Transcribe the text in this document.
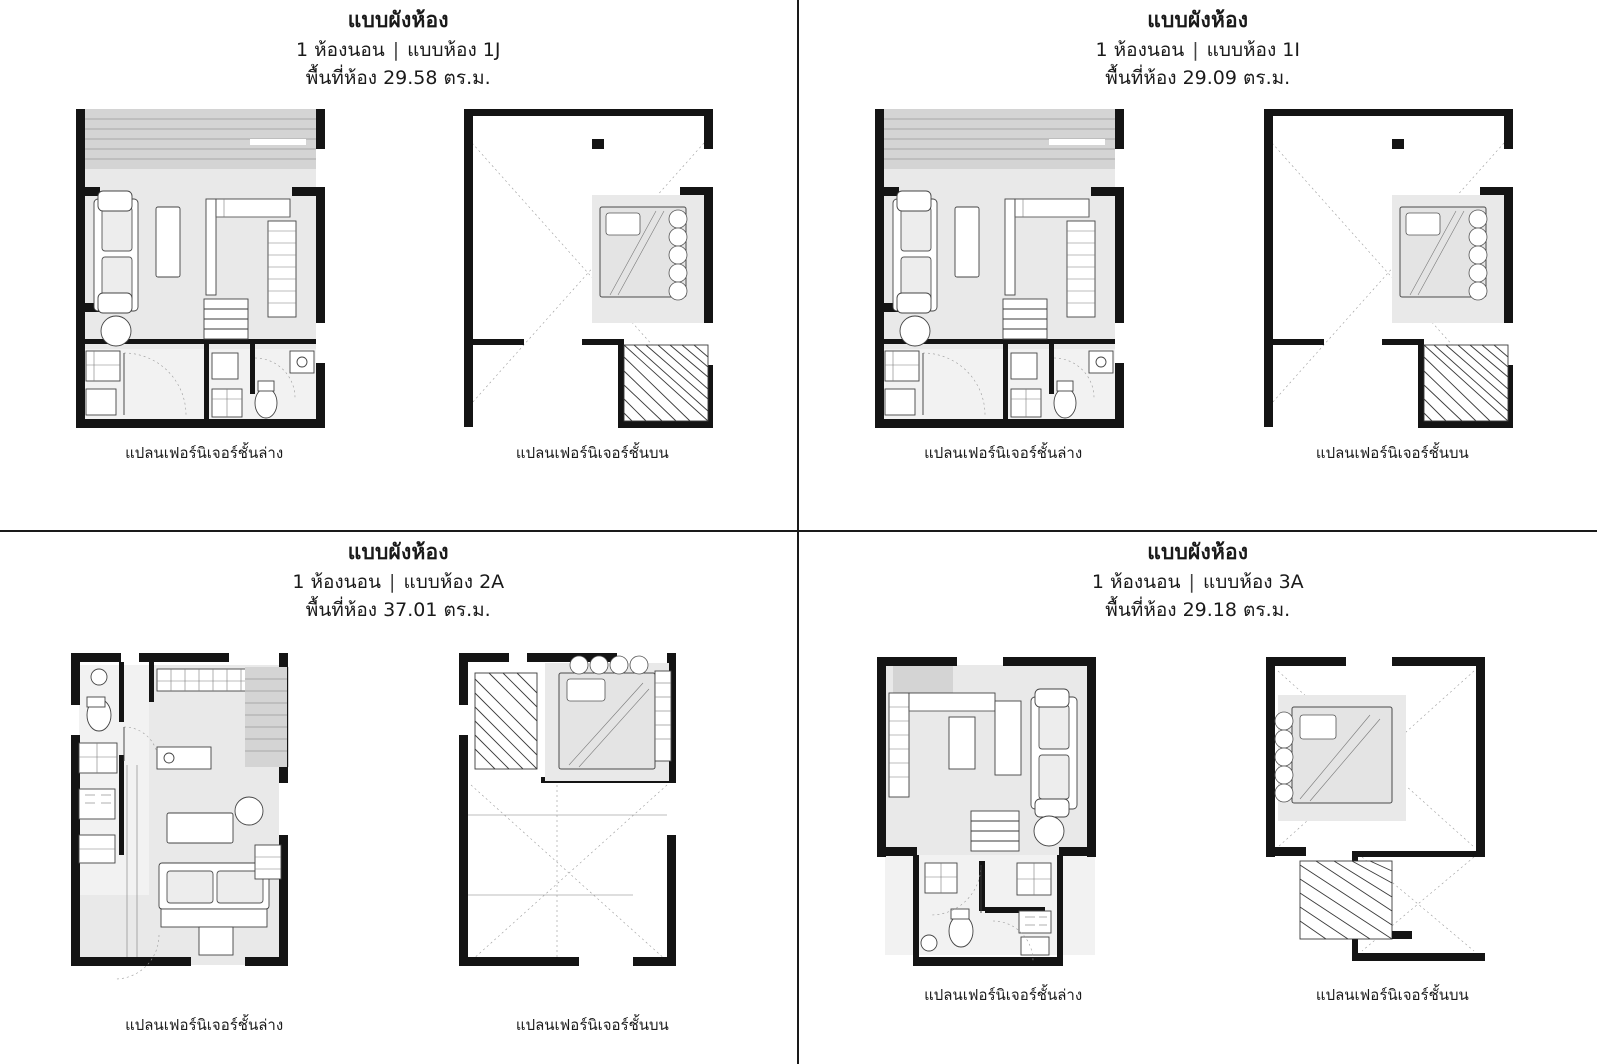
แบบผังห้อง
1 ห้องนอน | แบบห้อง 1J
พื้นที่ห้อง 29.58 ตร.ม.
แปลนเฟอร์นิเจอร์ชั้นล่าง	แปลนเฟอร์นิเจอร์ชั้นบน
แบบผังห้อง
1 ห้องนอน | แบบห้อง 1I
พื้นที่ห้อง 29.09 ตร.ม.
แปลนเฟอร์นิเจอร์ชั้นล่าง	แปลนเฟอร์นิเจอร์ชั้นบน
แบบผังห้อง
1 ห้องนอน | แบบห้อง 2A
พื้นที่ห้อง 37.01 ตร.ม.
แปลนเฟอร์นิเจอร์ชั้นล่าง	แปลนเฟอร์นิเจอร์ชั้นบน
แบบผังห้อง
1 ห้องนอน | แบบห้อง 3A
พื้นที่ห้อง 29.18 ตร.ม.
แปลนเฟอร์นิเจอร์ชั้นล่าง	แปลนเฟอร์นิเจอร์ชั้นบน
